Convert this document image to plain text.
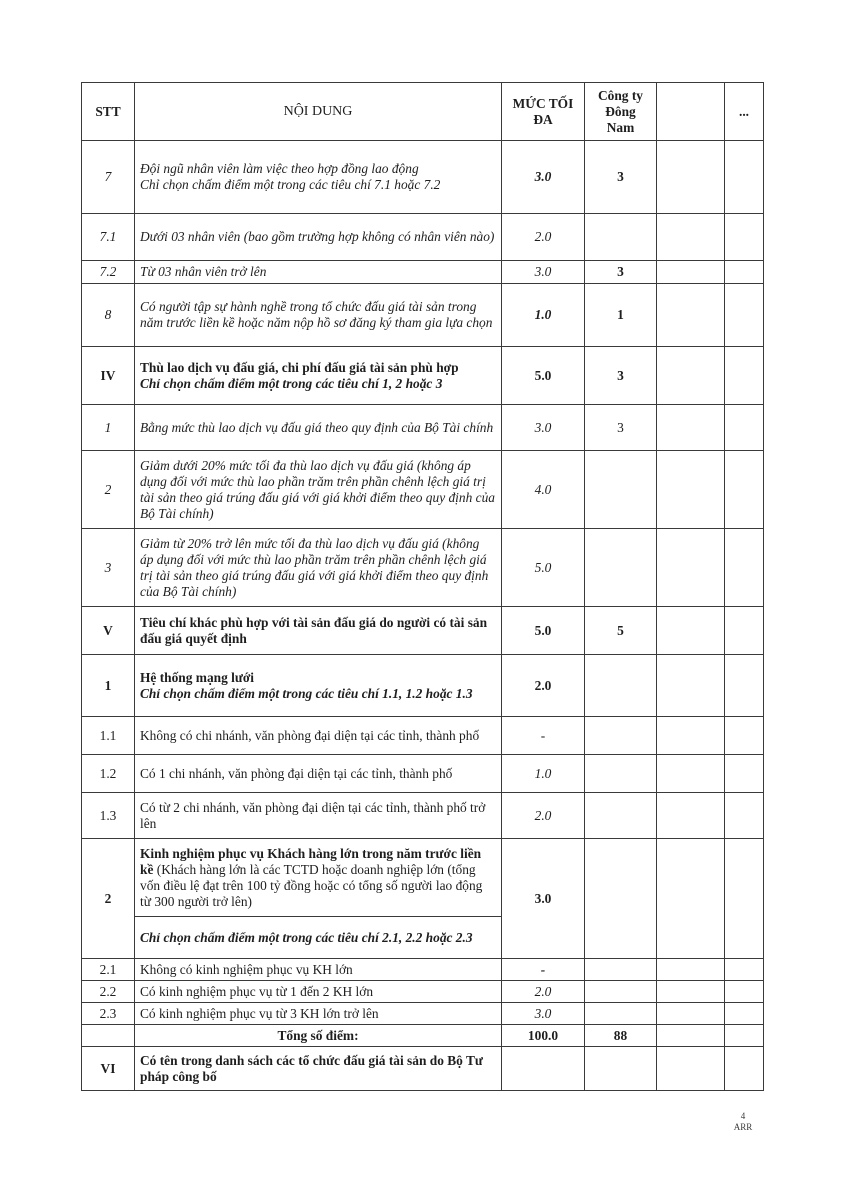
STT	NỘI DUNG	MỨC TỐI ĐA	Công ty Đông Nam		...
7	Đội ngũ nhân viên làm việc theo hợp đồng lao động
Chỉ chọn chấm điểm một trong các tiêu chí 7.1 hoặc 7.2	3.0	3		
7.1	Dưới 03 nhân viên (bao gồm trường hợp không có nhân viên nào)	2.0			
7.2	Từ 03 nhân viên trở lên	3.0	3		
8	Có người tập sự hành nghề trong tổ chức đấu giá tài sản trong năm trước liền kề hoặc năm nộp hồ sơ đăng ký tham gia lựa chọn	1.0	1		
IV	Thù lao dịch vụ đấu giá, chi phí đấu giá tài sản phù hợp
Chỉ chọn chấm điểm một trong các tiêu chí 1, 2 hoặc 3	5.0	3		
1	Bằng mức thù lao dịch vụ đấu giá theo quy định của Bộ Tài chính	3.0	3		
2	Giảm dưới 20% mức tối đa thù lao dịch vụ đấu giá (không áp dụng đối với mức thù lao phần trăm trên phần chênh lệch giá trị tài sản theo giá trúng đấu giá với giá khởi điểm theo quy định của Bộ Tài chính)	4.0			
3	Giảm từ 20% trở lên mức tối đa thù lao dịch vụ đấu giá (không áp dụng đối với mức thù lao phần trăm trên phần chênh lệch giá trị tài sản theo giá trúng đấu giá với giá khởi điểm theo quy định của Bộ Tài chính)	5.0			
V	Tiêu chí khác phù hợp với tài sản đấu giá do người có tài sản đấu giá quyết định	5.0	5		
1	Hệ thống mạng lưới
Chỉ chọn chấm điểm một trong các tiêu chí 1.1, 1.2 hoặc 1.3	2.0			
1.1	Không có chi nhánh, văn phòng đại diện tại các tỉnh, thành phố	-			
1.2	Có 1 chi nhánh, văn phòng đại diện tại các tỉnh, thành phố	1.0			
1.3	Có từ 2 chi nhánh, văn phòng đại diện tại các tỉnh, thành phố trở lên	2.0			
2	Kinh nghiệm phục vụ Khách hàng lớn trong năm trước liền kề (Khách hàng lớn là các TCTD hoặc doanh nghiệp lớn (tổng vốn điều lệ đạt trên 100 tỷ đồng hoặc có tổng số người lao động từ 300 người trở lên)	3.0			
	Chỉ chọn chấm điểm một trong các tiêu chí 2.1, 2.2 hoặc 2.3				
2.1	Không có kinh nghiệm phục vụ KH lớn	-			
2.2	Có kinh nghiệm phục vụ từ 1 đến 2 KH lớn	2.0			
2.3	Có kinh nghiệm phục vụ từ 3 KH lớn trở lên	3.0			
	Tổng số điểm:	100.0	88		
VI	Có tên trong danh sách các tổ chức đấu giá tài sản do Bộ Tư pháp công bố				
4
ARR
